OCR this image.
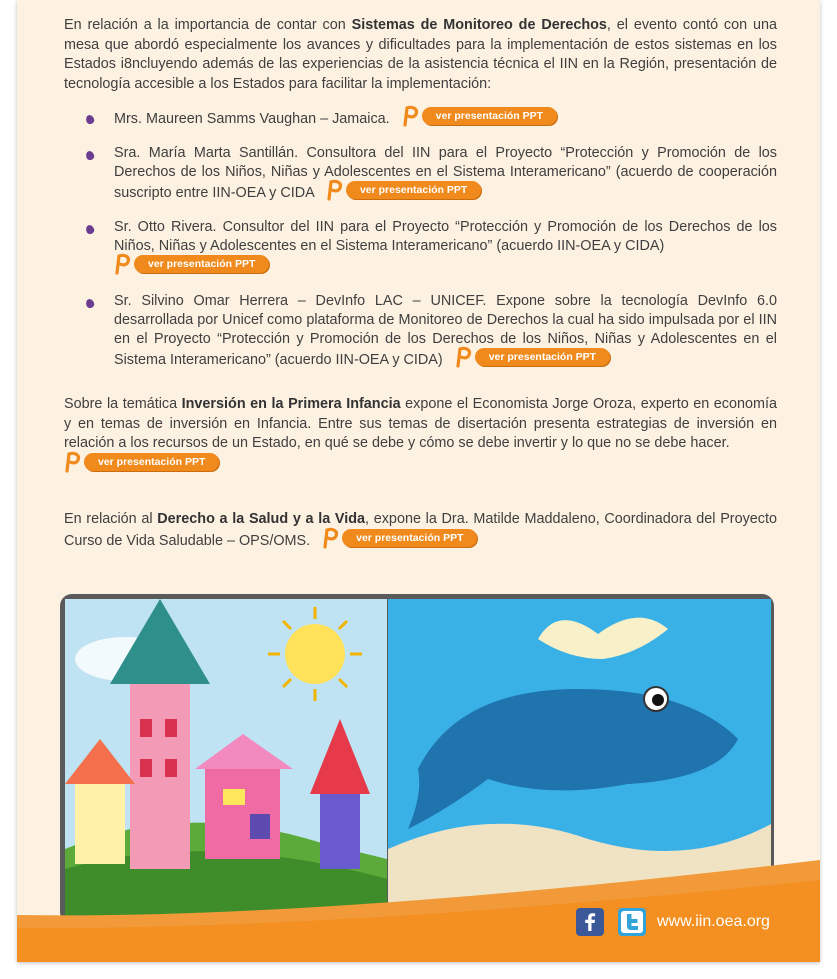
En relación a la importancia de contar con Sistemas de Monitoreo de Derechos, el evento contó con una mesa que abordó especialmente los avances y dificultades para la implementación de estos sistemas en los Estados i8ncluyendo además de las experiencias de la asistencia técnica el IIN en la Región, presentación de tecnología accesible a los Estados para facilitar la implementación:

Mrs. Maureen Samms Vaughan – Jamaica.	ver presentación PPT
Sra. María Marta Santillán. Consultora del IIN para el Proyecto “Protección y Promoción de los Derechos de los Niños, Niñas y Adolescentes en el Sistema Interamericano” (acuerdo de cooperación suscripto entre IIN-OEA y CIDA	ver presentación PPT
Sr. Otto Rivera. Consultor del IIN para el Proyecto “Protección y Promoción de los Derechos de los Niños, Niñas y Adolescentes en el Sistema Interamericano” (acuerdo IIN-OEA y CIDA)

ver presentación PPT
Sr. Silvino Omar Herrera – DevInfo LAC – UNICEF. Expone sobre la tecnología DevInfo 6.0 desarrollada por Unicef como plataforma de Monitoreo de Derechos la cual ha sido impulsada por el IIN en el Proyecto “Protección y Promoción de los Derechos de los Niños, Niñas y Adolescentes en el Sistema Interamericano” (acuerdo IIN-OEA y CIDA)	ver presentación PPT

Sobre la temática Inversión en la Primera Infancia expone el Economista Jorge Oroza, experto en economía y en temas de inversión en Infancia. Entre sus temas de disertación presenta estrategias de inversión en relación a los recursos de un Estado, en qué se debe y cómo se debe invertir y lo que no se debe hacer.

ver presentación PPT

En relación al Derecho a la Salud y a la Vida, expone la Dra. Matilde Maddaleno, Coordinadora del Proyecto Curso de Vida Saludable – OPS/OMS.	ver presentación PPT

www.iin.oea.org
